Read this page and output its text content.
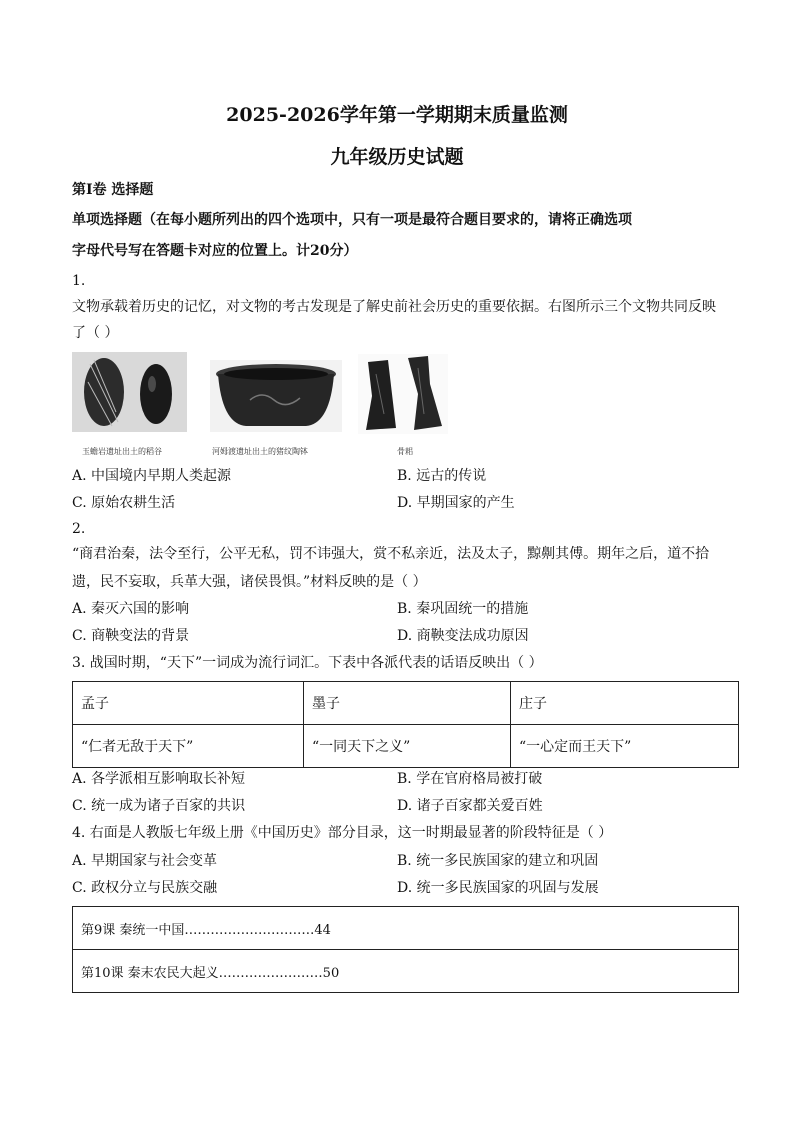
2025-2026学年第一学期期末质量监测
九年级历史试题
第Ⅰ卷 选择题
单项选择题（在每小题所列出的四个选项中，只有一项是最符合题目要求的，请将正确选项
字母代号写在答题卡对应的位置上。计20分）
1.
文物承载着历史的记忆，对文物的考古发现是了解史前社会历史的重要依据。右图所示三个文物共同反映
了（ ）
玉蟾岩遗址出土的稻谷	河姆渡遗址出土的猪纹陶钵	骨耜
A. 中国境内早期人类起源	B. 远古的传说
C. 原始农耕生活	D. 早期国家的产生
2.
“商君治秦，法令至行，公平无私，罚不讳强大，赏不私亲近，法及太子，黥劓其傅。期年之后，道不拾
遗，民不妄取，兵革大强，诸侯畏惧。”材料反映的是（ ）
A. 秦灭六国的影响	B. 秦巩固统一的措施
C. 商鞅变法的背景	D. 商鞅变法成功原因
3. 战国时期，“天下”一词成为流行词汇。下表中各派代表的话语反映出（ ）
孟子	墨子	庄子
“仁者无敌于天下”	“一同天下之义”	“一心定而王天下”
A. 各学派相互影响取长补短	B. 学在官府格局被打破
C. 统一成为诸子百家的共识	D. 诸子百家都关爱百姓
4. 右面是人教版七年级上册《中国历史》部分目录，这一时期最显著的阶段特征是（ ）
A. 早期国家与社会变革	B. 统一多民族国家的建立和巩固
C. 政权分立与民族交融	D. 统一多民族国家的巩固与发展
第9课 秦统一中国…………………………44
第10课 秦末农民大起义……………………50
